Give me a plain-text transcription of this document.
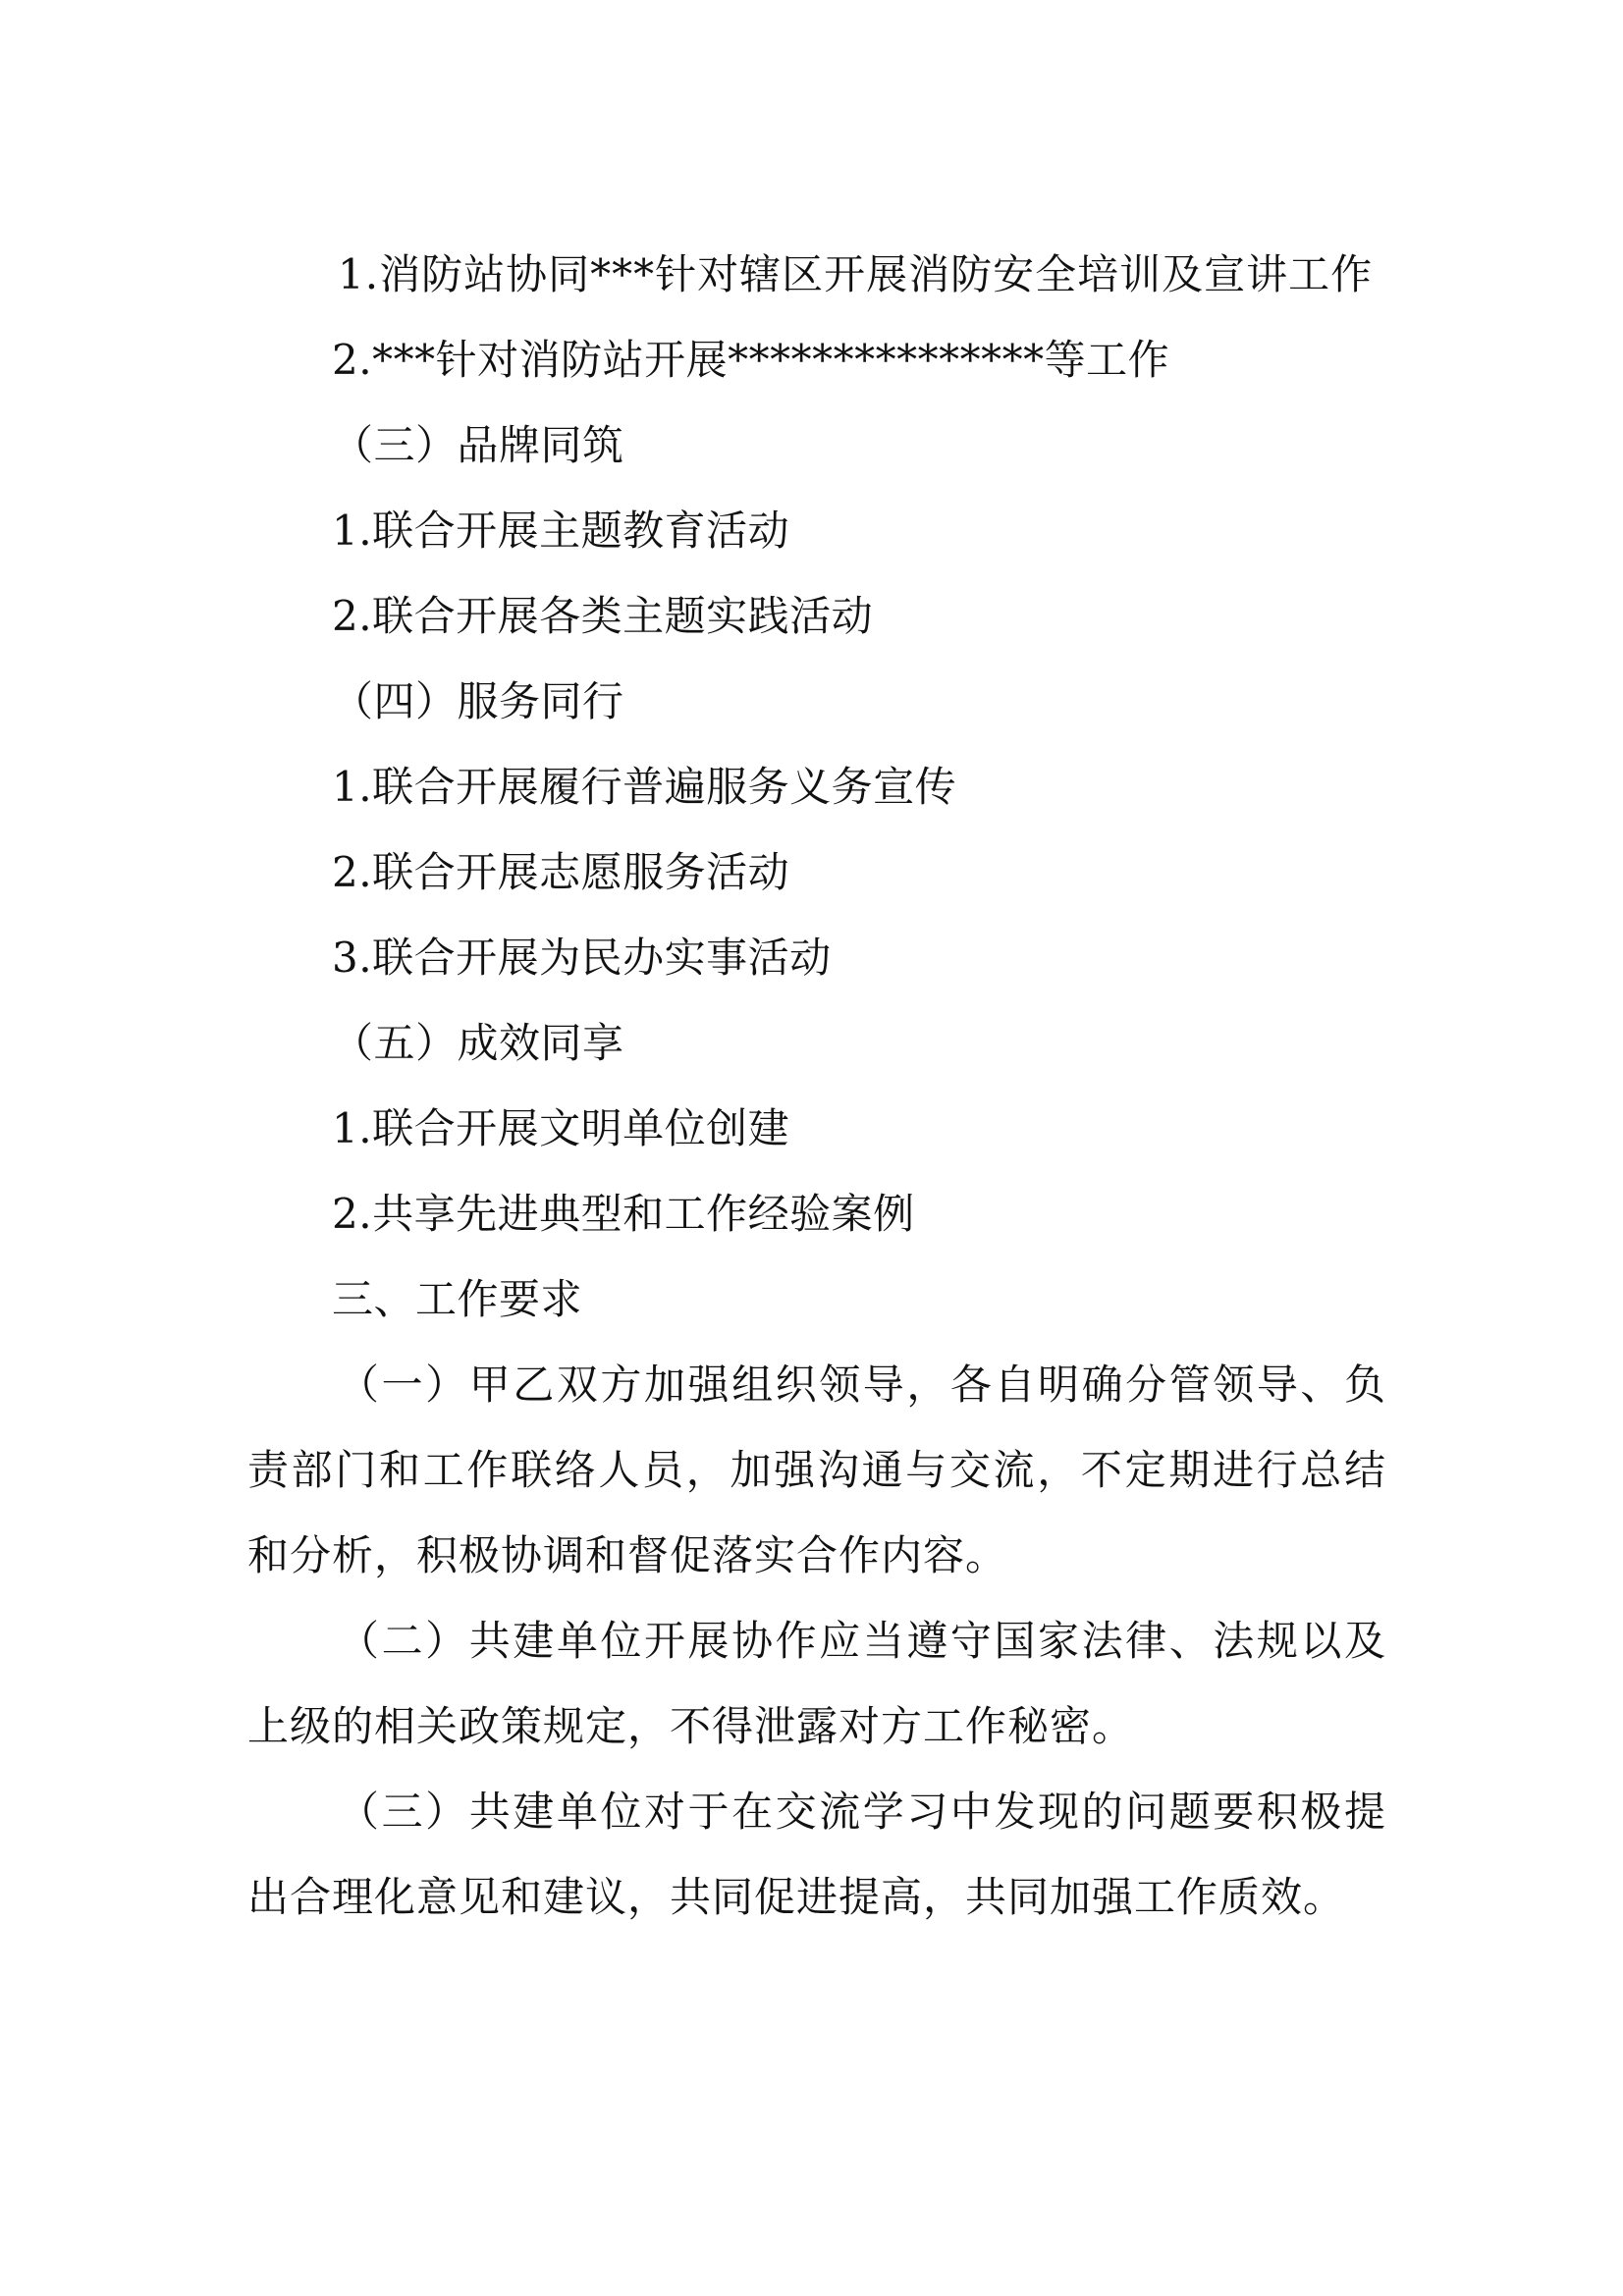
1.消防站协同***针对辖区开展消防安全培训及宣讲工作

2.***针对消防站开展***************等工作
（三）品牌同筑
1.联合开展主题教育活动
2.联合开展各类主题实践活动
（四）服务同行
1.联合开展履行普遍服务义务宣传
2.联合开展志愿服务活动
3.联合开展为民办实事活动
（五）成效同享
1.联合开展文明单位创建
2.共享先进典型和工作经验案例
三、工作要求

（一）甲乙双方加强组织领导，各自明确分管领导、负责部门和工作联络人员，加强沟通与交流，不定期进行总结和分析，积极协调和督促落实合作内容。

（二）共建单位开展协作应当遵守国家法律、法规以及上级的相关政策规定，不得泄露对方工作秘密。

（三）共建单位对于在交流学习中发现的问题要积极提出合理化意见和建议，共同促进提高，共同加强工作质效。
